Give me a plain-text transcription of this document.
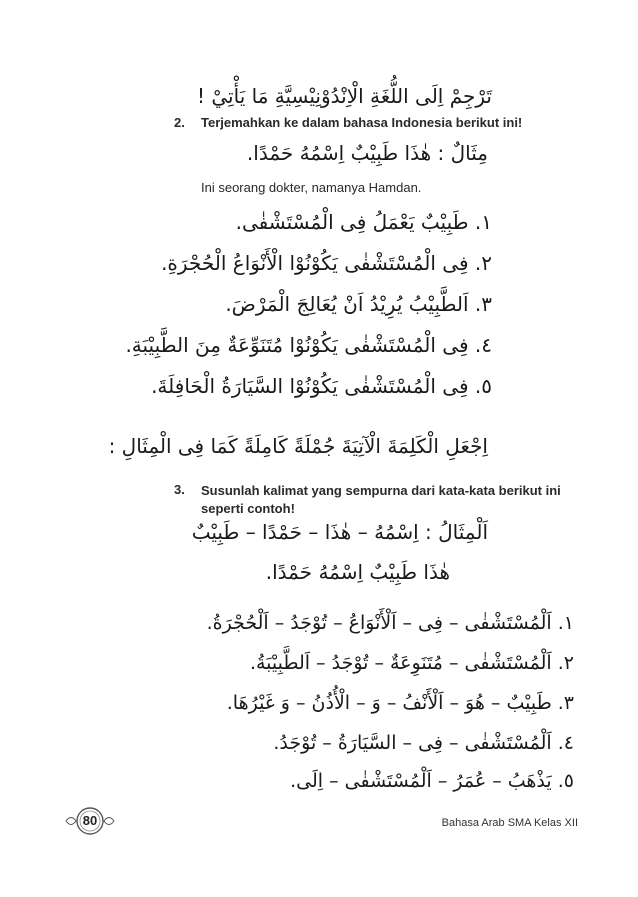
تَرْجِمْ اِلَى اللُّغَةِ الْاِنْدُوْنِيْسِيَّةِ مَا يَأْتِيْ !
2. Terjemahkan ke dalam bahasa Indonesia berikut ini!
مِثَالٌ : هٰذَا طَبِيْبٌ اِسْمُهُ حَمْدًا.
Ini seorang dokter, namanya Hamdan.
١. طَبِيْبٌ يَعْمَلُ فِى الْمُسْتَشْفٰى.
٢. فِى الْمُسْتَشْفٰى يَكُوْنُوْا الْأَنْوَاعُ الْحُجْرَةِ.
٣. اَلطَّبِيْبُ يُرِيْدُ اَنْ يُعَالِجَ الْمَرْضَ.
٤. فِى الْمُسْتَشْفٰى يَكُوْنُوْا مُتَنَوِّعَةٌ مِنَ الطَّبِيْبَةِ.
٥. فِى الْمُسْتَشْفٰى يَكُوْنُوْا السَّيَارَةُ الْحَافِلَةَ.
اِجْعَلِ الْكَلِمَةَ الْآتِيَةَ جُمْلَةً كَامِلَةً كَمَا فِى الْمِثَالِ :
3. Susunlah kalimat yang sempurna dari kata-kata berikut ini seperti contoh!
اَلْمِثَالُ : اِسْمُهُ – هٰذَا – حَمْدًا – طَبِيْبٌ
هٰذَا طَبِيْبٌ اِسْمُهُ حَمْدًا.
١. اَلْمُسْتَشْفٰى – فِى – اَلْأَنْوَاعُ – تُوْجَدُ – اَلْحُجْرَةُ.
٢. اَلْمُسْتَشْفٰى – مُتَنَوِعَةٌ – تُوْجَدُ – اَلطَّبِيْبَةُ.
٣. طَبِيْبٌ – هُوَ – اَلْأَنْفُ – وَ – الْأُذُنُ – وَ غَيْرُهَا.
٤. اَلْمُسْتَشْفٰى – فِى – السَّيَارَةُ – تُوْجَدُ.
٥. يَذْهَبُ – عُمَرُ – اَلْمُسْتَشْفٰى – اِلَى.
80	Bahasa Arab SMA Kelas XII
